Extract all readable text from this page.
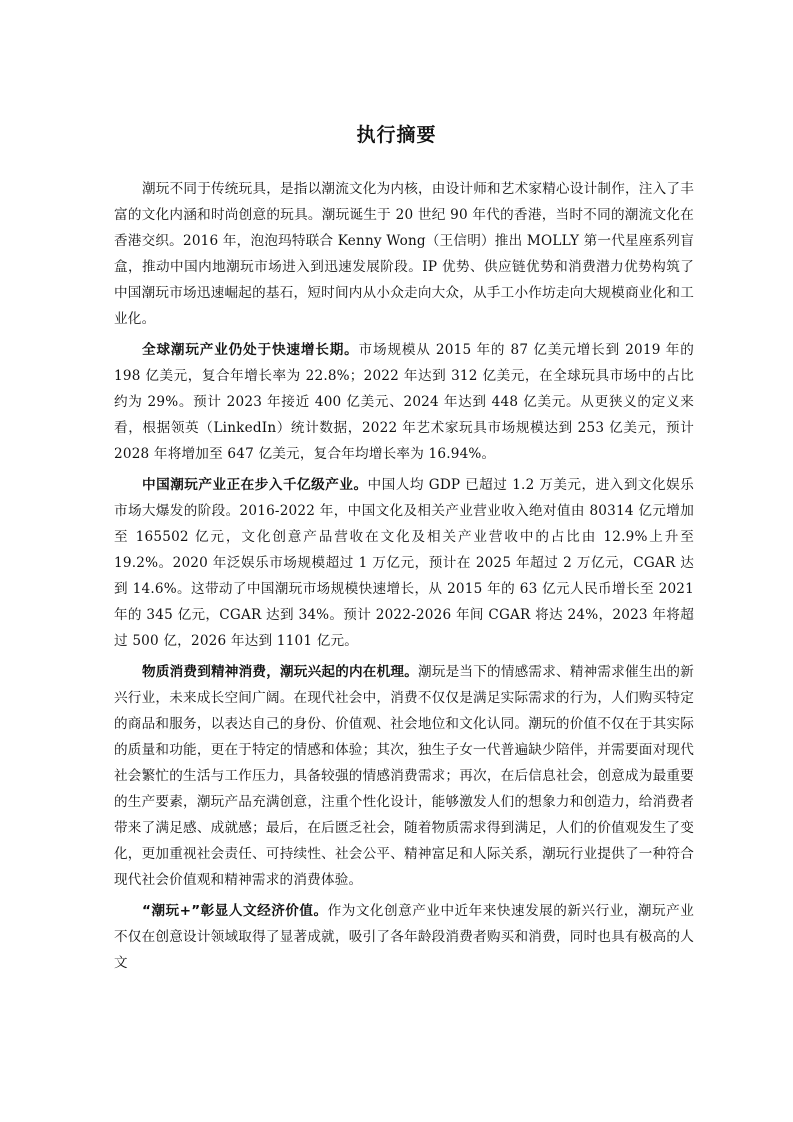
执行摘要

潮玩不同于传统玩具，是指以潮流文化为内核，由设计师和艺术家精心设计制作，注入了丰富的文化内涵和时尚创意的玩具。潮玩诞生于 20 世纪 90 年代的香港，当时不同的潮流文化在香港交织。2016 年，泡泡玛特联合 Kenny Wong（王信明）推出 MOLLY 第一代星座系列盲盒，推动中国内地潮玩市场进入到迅速发展阶段。IP 优势、供应链优势和消费潜力优势构筑了中国潮玩市场迅速崛起的基石，短时间内从小众走向大众，从手工小作坊走向大规模商业化和工业化。

全球潮玩产业仍处于快速增长期。市场规模从 2015 年的 87 亿美元增长到 2019 年的 198 亿美元，复合年增长率为 22.8%；2022 年达到 312 亿美元，在全球玩具市场中的占比约为 29%。预计 2023 年接近 400 亿美元、2024 年达到 448 亿美元。从更狭义的定义来看，根据领英（LinkedIn）统计数据，2022 年艺术家玩具市场规模达到 253 亿美元，预计 2028 年将增加至 647 亿美元，复合年均增长率为 16.94%。

中国潮玩产业正在步入千亿级产业。中国人均 GDP 已超过 1.2 万美元，进入到文化娱乐市场大爆发的阶段。2016-2022 年，中国文化及相关产业营业收入绝对值由 80314 亿元增加至 165502 亿元，文化创意产品营收在文化及相关产业营收中的占比由 12.9%上升至 19.2%。2020 年泛娱乐市场规模超过 1 万亿元，预计在 2025 年超过 2 万亿元，CGAR 达到 14.6%。这带动了中国潮玩市场规模快速增长，从 2015 年的 63 亿元人民币增长至 2021 年的 345 亿元，CGAR 达到 34%。预计 2022-2026 年间 CGAR 将达 24%，2023 年将超过 500 亿，2026 年达到 1101 亿元。

物质消费到精神消费，潮玩兴起的内在机理。潮玩是当下的情感需求、精神需求催生出的新兴行业，未来成长空间广阔。在现代社会中，消费不仅仅是满足实际需求的行为，人们购买特定的商品和服务，以表达自己的身份、价值观、社会地位和文化认同。潮玩的价值不仅在于其实际的质量和功能，更在于特定的情感和体验；其次，独生子女一代普遍缺少陪伴，并需要面对现代社会繁忙的生活与工作压力，具备较强的情感消费需求；再次，在后信息社会，创意成为最重要的生产要素，潮玩产品充满创意，注重个性化设计，能够激发人们的想象力和创造力，给消费者带来了满足感、成就感；最后，在后匮乏社会，随着物质需求得到满足，人们的价值观发生了变化，更加重视社会责任、可持续性、社会公平、精神富足和人际关系，潮玩行业提供了一种符合现代社会价值观和精神需求的消费体验。

“潮玩+”彰显人文经济价值。作为文化创意产业中近年来快速发展的新兴行业，潮玩产业不仅在创意设计领域取得了显著成就，吸引了各年龄段消费者购买和消费，同时也具有极高的人文
